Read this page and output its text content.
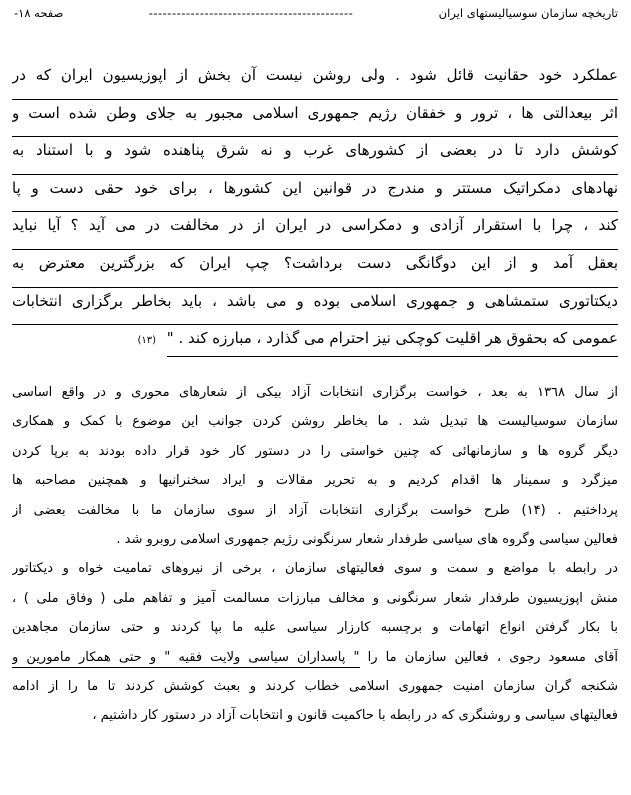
تاریخچه سازمان سوسیالیستهای ایران
--------------------------------------------
صفحه ۱۸-
عملکرد خود حقانیت قائل شود . ولی روشن نیست آن بخش از اپوزیسیون ایران که در
اثر بیعدالتی ها ، ترور و خفقان رژیم جمهوری اسلامی مجبور به جلای وطن شده است و
کوشش دارد تا در بعضی از کشورهای غرب و نه شرق پناهنده شود و با استناد به
نهادهای دمکراتیک مستتر و مندرج در قوانین این کشورها ، برای خود حقی دست و پا
کند ، چرا با استقرار آزادی و دمکراسی در ایران از در مخالفت در می آید ؟ آیا نباید
بعقل آمد و از این دوگانگی دست برداشت؟ چپ ایران که بزرگترین معترض به
دیکتاتوری ستمشاهی و جمهوری اسلامی بوده و می باشد ، باید بخاطر برگزاری انتخابات
عمومی که بحقوق هر اقلیت کوچکی نیز احترام می گذارد ، مبارزه کند . " (۱۳)
از سال ۱۳٦۸ به بعد ، خواست برگزاری انتخابات آزاد بیکی از شعارهای محوری و در واقع اساسی
سازمان سوسیالیست ها تبدیل شد . ما بخاطر روشن کردن جوانب این موضوع با کمک و همکاری
دیگر گروه ها و سازمانهائی که چنین خواستی را در دستور کار خود قرار داده بودند به برپا کردن
میزگرد و سمینار ها اقدام کردیم و به تحریر مقالات و ایراد سخنرانیها و همچنین مصاحبه ها
پرداختیم . (۱۴) طرح خواست برگزاری انتخابات آزاد از سوی سازمان ما با مخالفت بعضی از
فعالین سیاسی وگروه های سیاسی طرفدار شعار سرنگونی رژیم جمهوری اسلامی روبرو شد .
در رابطه با مواضع و سمت و سوی فعالیتهای سازمان ، برخی از نیروهای تمامیت خواه و دیکتاتور
منش اپوزیسیون طرفدار شعار سرنگونی و مخالف مبارزات مسالمت آمیز و تفاهم ملی ( وفاق ملی ) ،
با بکار گرفتن انواع اتهامات و برچسبه کارزار سیاسی علیه ما بپا کردند و حتی سازمان مجاهدین
آقای مسعود رجوی ، فعالین سازمان ما را " پاسداران سیاسی ولایت فقیه " و حتی همکار مامورین و
شکنجه گران سازمان امنیت جمهوری اسلامی خطاب کردند و بعبث کوشش کردند تا ما را از ادامه
فعالیتهای سیاسی و روشنگری که در رابطه با حاکمیت قانون و انتخابات آزاد در دستور کار داشتیم ،
